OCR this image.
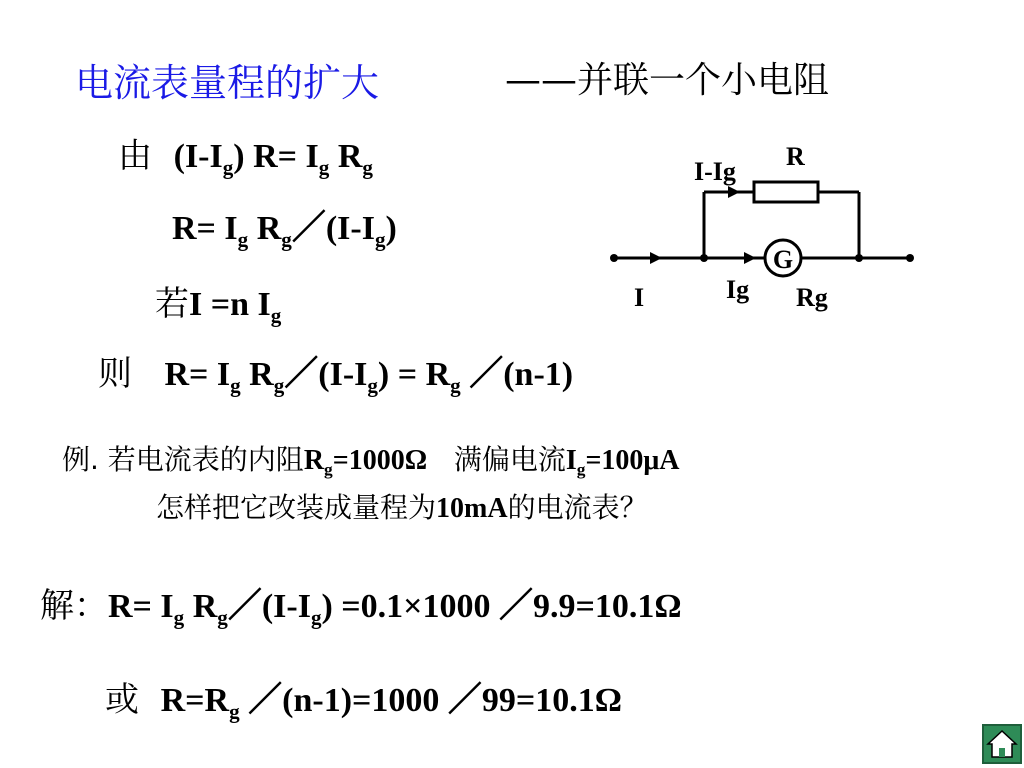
电流表量程的扩大	——并联一个小电阻
由 $(I-I_g)$ $R= I_g$ $R_g$
$R= I_g$ $R_g/(I-I_g)$
若I =n $I_g$
则 $R= I_g$ $R_g/(I-I_g) = R_g$ ／(n-1)
例. 若电流表的内阻$R_g=1000\Omega$ 满偏电流$I_g=100\mu A$
怎样把它改装成量程为10mA的电流表？
解：$R= I_g$ $R_g/(I-I_g) =0.1\times 1000$ ／9.9=10.1Ω
或 $R=R_g$ ／(n-1)=1000 ／99=10.1Ω
I-Ig
R
G
I	Ig Rg
